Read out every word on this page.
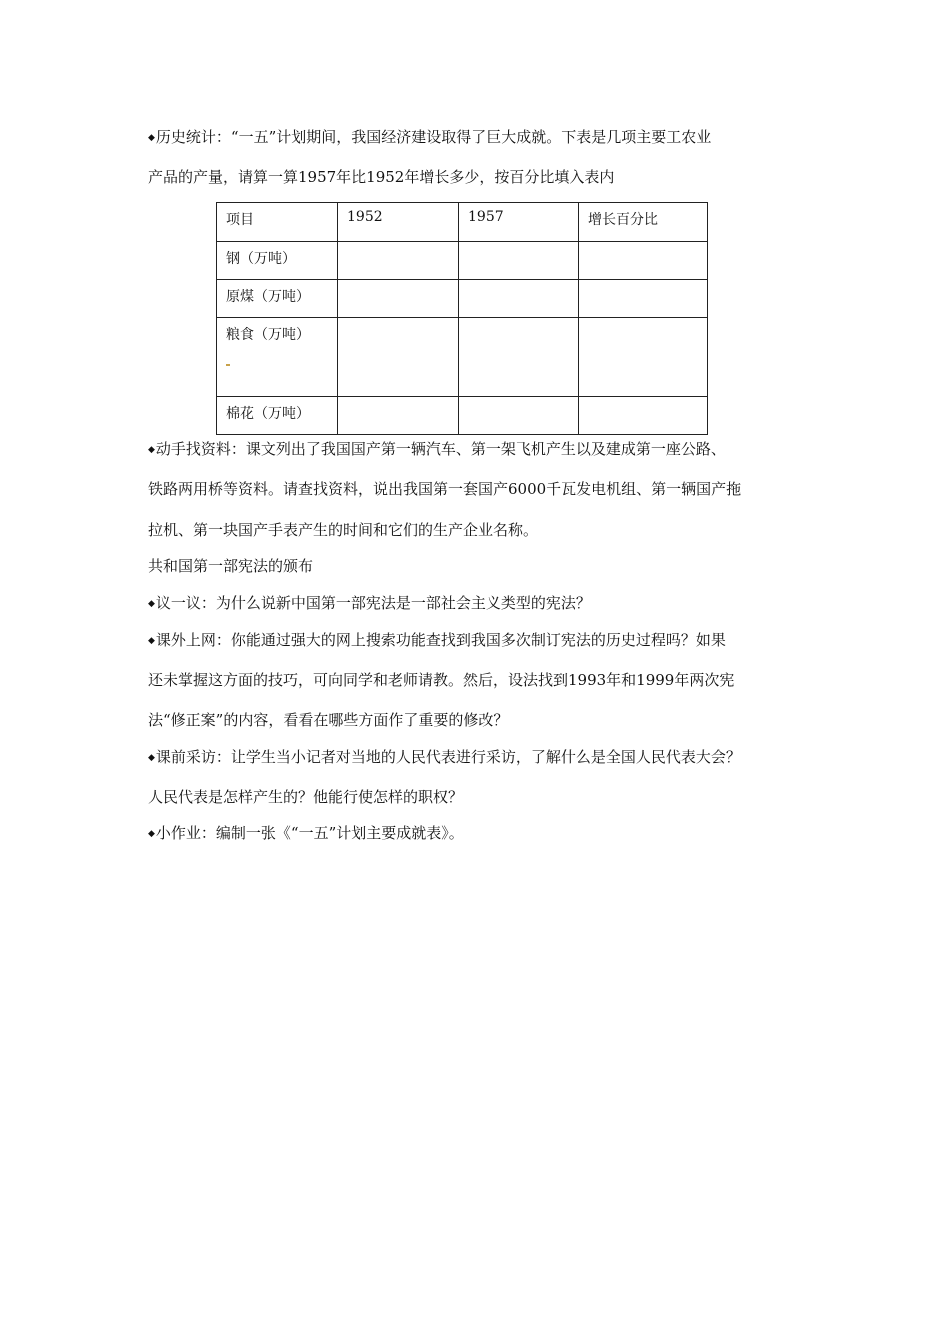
◆历史统计：“一五”计划期间，我国经济建设取得了巨大成就。下表是几项主要工农业
产品的产量，请算一算1957年比1952年增长多少，按百分比填入表内
项目	1952	1957	增长百分比
钢（万吨）			
原煤（万吨）			
粮食（万吨）

棉花（万吨）			
◆动手找资料：课文列出了我国国产第一辆汽车、第一架飞机产生以及建成第一座公路、
铁路两用桥等资料。请查找资料，说出我国第一套国产6000千瓦发电机组、第一辆国产拖
拉机、第一块国产手表产生的时间和它们的生产企业名称。
共和国第一部宪法的颁布
◆议一议：为什么说新中国第一部宪法是一部社会主义类型的宪法？
◆课外上网：你能通过强大的网上搜索功能查找到我国多次制订宪法的历史过程吗？如果
还未掌握这方面的技巧，可向同学和老师请教。然后，设法找到1993年和1999年两次宪
法“修正案”的内容，看看在哪些方面作了重要的修改？
◆课前采访：让学生当小记者对当地的人民代表进行采访，了解什么是全国人民代表大会？
人民代表是怎样产生的？他能行使怎样的职权？
◆小作业：编制一张《“一五”计划主要成就表》。
